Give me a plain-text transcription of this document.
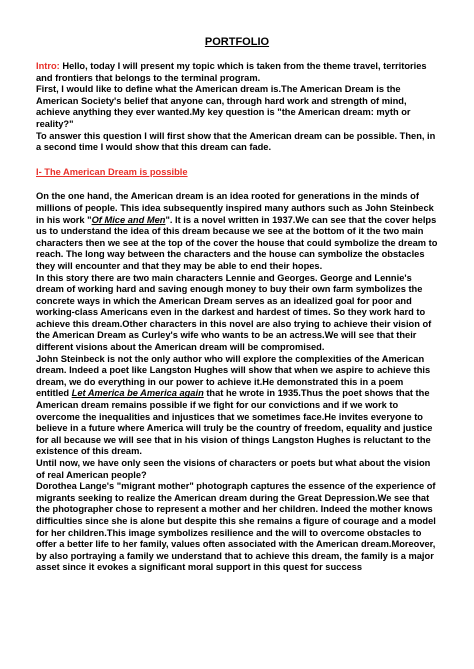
PORTFOLIO

Intro: Hello, today I will present my topic which is taken from the theme travel, territories and frontiers that belongs to the terminal program.

First, I would like to define what the American dream is.The American Dream is the American Society's belief that anyone can, through hard work and strength of mind, achieve anything they ever wanted.My key question is "the American dream: myth or reality?"

To answer this question I will first show that the American dream can be possible. Then, in a second time I would show that this dream can fade.

I- The American Dream is possible

On the one hand, the American dream is an idea rooted for generations in the minds of millions of people. This idea subsequently inspired many authors such as John Steinbeck in his work "Of Mice and Men". It is a novel written in 1937.We can see that the cover helps us to understand the idea of this dream because we see at the bottom of it the two main characters then we see at the top of the cover the house that could symbolize the dream to reach. The long way between the characters and the house can symbolize the obstacles they will encounter and that they may be able to end their hopes.

In this story there are two main characters Lennie and Georges. George and Lennie's dream of working hard and saving enough money to buy their own farm symbolizes the concrete ways in which the American Dream serves as an idealized goal for poor and working-class Americans even in the darkest and hardest of times. So they work hard to achieve this dream.Other characters in this novel are also trying to achieve their vision of the American Dream as Curley's wife who wants to be an actress.We will see that their different visions about the American dream will be compromised.

John Steinbeck is not the only author who will explore the complexities of the American dream. Indeed a poet like Langston Hughes will show that when we aspire to achieve this dream, we do everything in our power to achieve it.He demonstrated this in a poem entitled Let America be America again that he wrote in 1935.Thus the poet shows that the American dream remains possible if we fight for our convictions and if we work to overcome the inequalities and injustices that we sometimes face.He invites everyone to believe in a future where America will truly be the country of freedom, equality and justice for all because we will see that in his vision of things Langston Hughes is reluctant to the existence of this dream.

Until now, we have only seen the visions of characters or poets but what about the vision of real American people?

Dorothea Lange's "migrant mother" photograph captures the essence of the experience of migrants seeking to realize the American dream during the Great Depression.We see that the photographer chose to represent a mother and her children. Indeed the mother knows difficulties since she is alone but despite this she remains a figure of courage and a model for her children.This image symbolizes resilience and the will to overcome obstacles to offer a better life to her family, values often associated with the American dream.Moreover, by also portraying a family we understand that to achieve this dream, the family is a major asset since it evokes a significant moral support in this quest for success
